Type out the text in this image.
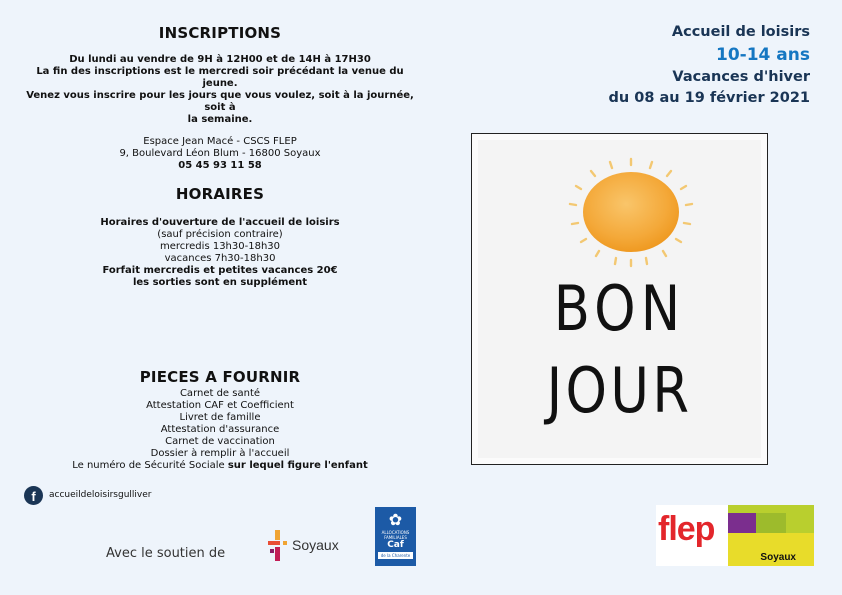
INSCRIPTIONS
Du lundi au vendre de 9H à 12H00 et de 14H à 17H30
La fin des inscriptions est le mercredi soir précédant la venue du jeune.
Venez vous inscrire pour les jours que vous voulez, soit à la journée, soit à
la semaine.
Espace Jean Macé - CSCS FLEP
9, Boulevard Léon Blum - 16800 Soyaux
05 45 93 11 58
HORAIRES
Horaires d'ouverture de l'accueil de loisirs
(sauf précision contraire)
mercredis 13h30-18h30
vacances 7h30-18h30
Forfait mercredis et petites vacances 20€
les sorties sont en supplément
PIECES A FOURNIR
Carnet de santé
Attestation CAF et Coefficient
Livret de famille
Attestation d'assurance
Carnet de vaccination
Dossier à remplir à l'accueil
Le numéro de Sécurité Sociale sur lequel figure l'enfant
f	accueildeloisirsgulliver
Avec le soutien de
Soyaux
✿
ALLOCATIONS
FAMILIALES
Caf
de la Charente
Accueil de loisirs
10-14 ans
Vacances d'hiver
du 08 au 19 février 2021
BON
JOUR
flep
Soyaux
